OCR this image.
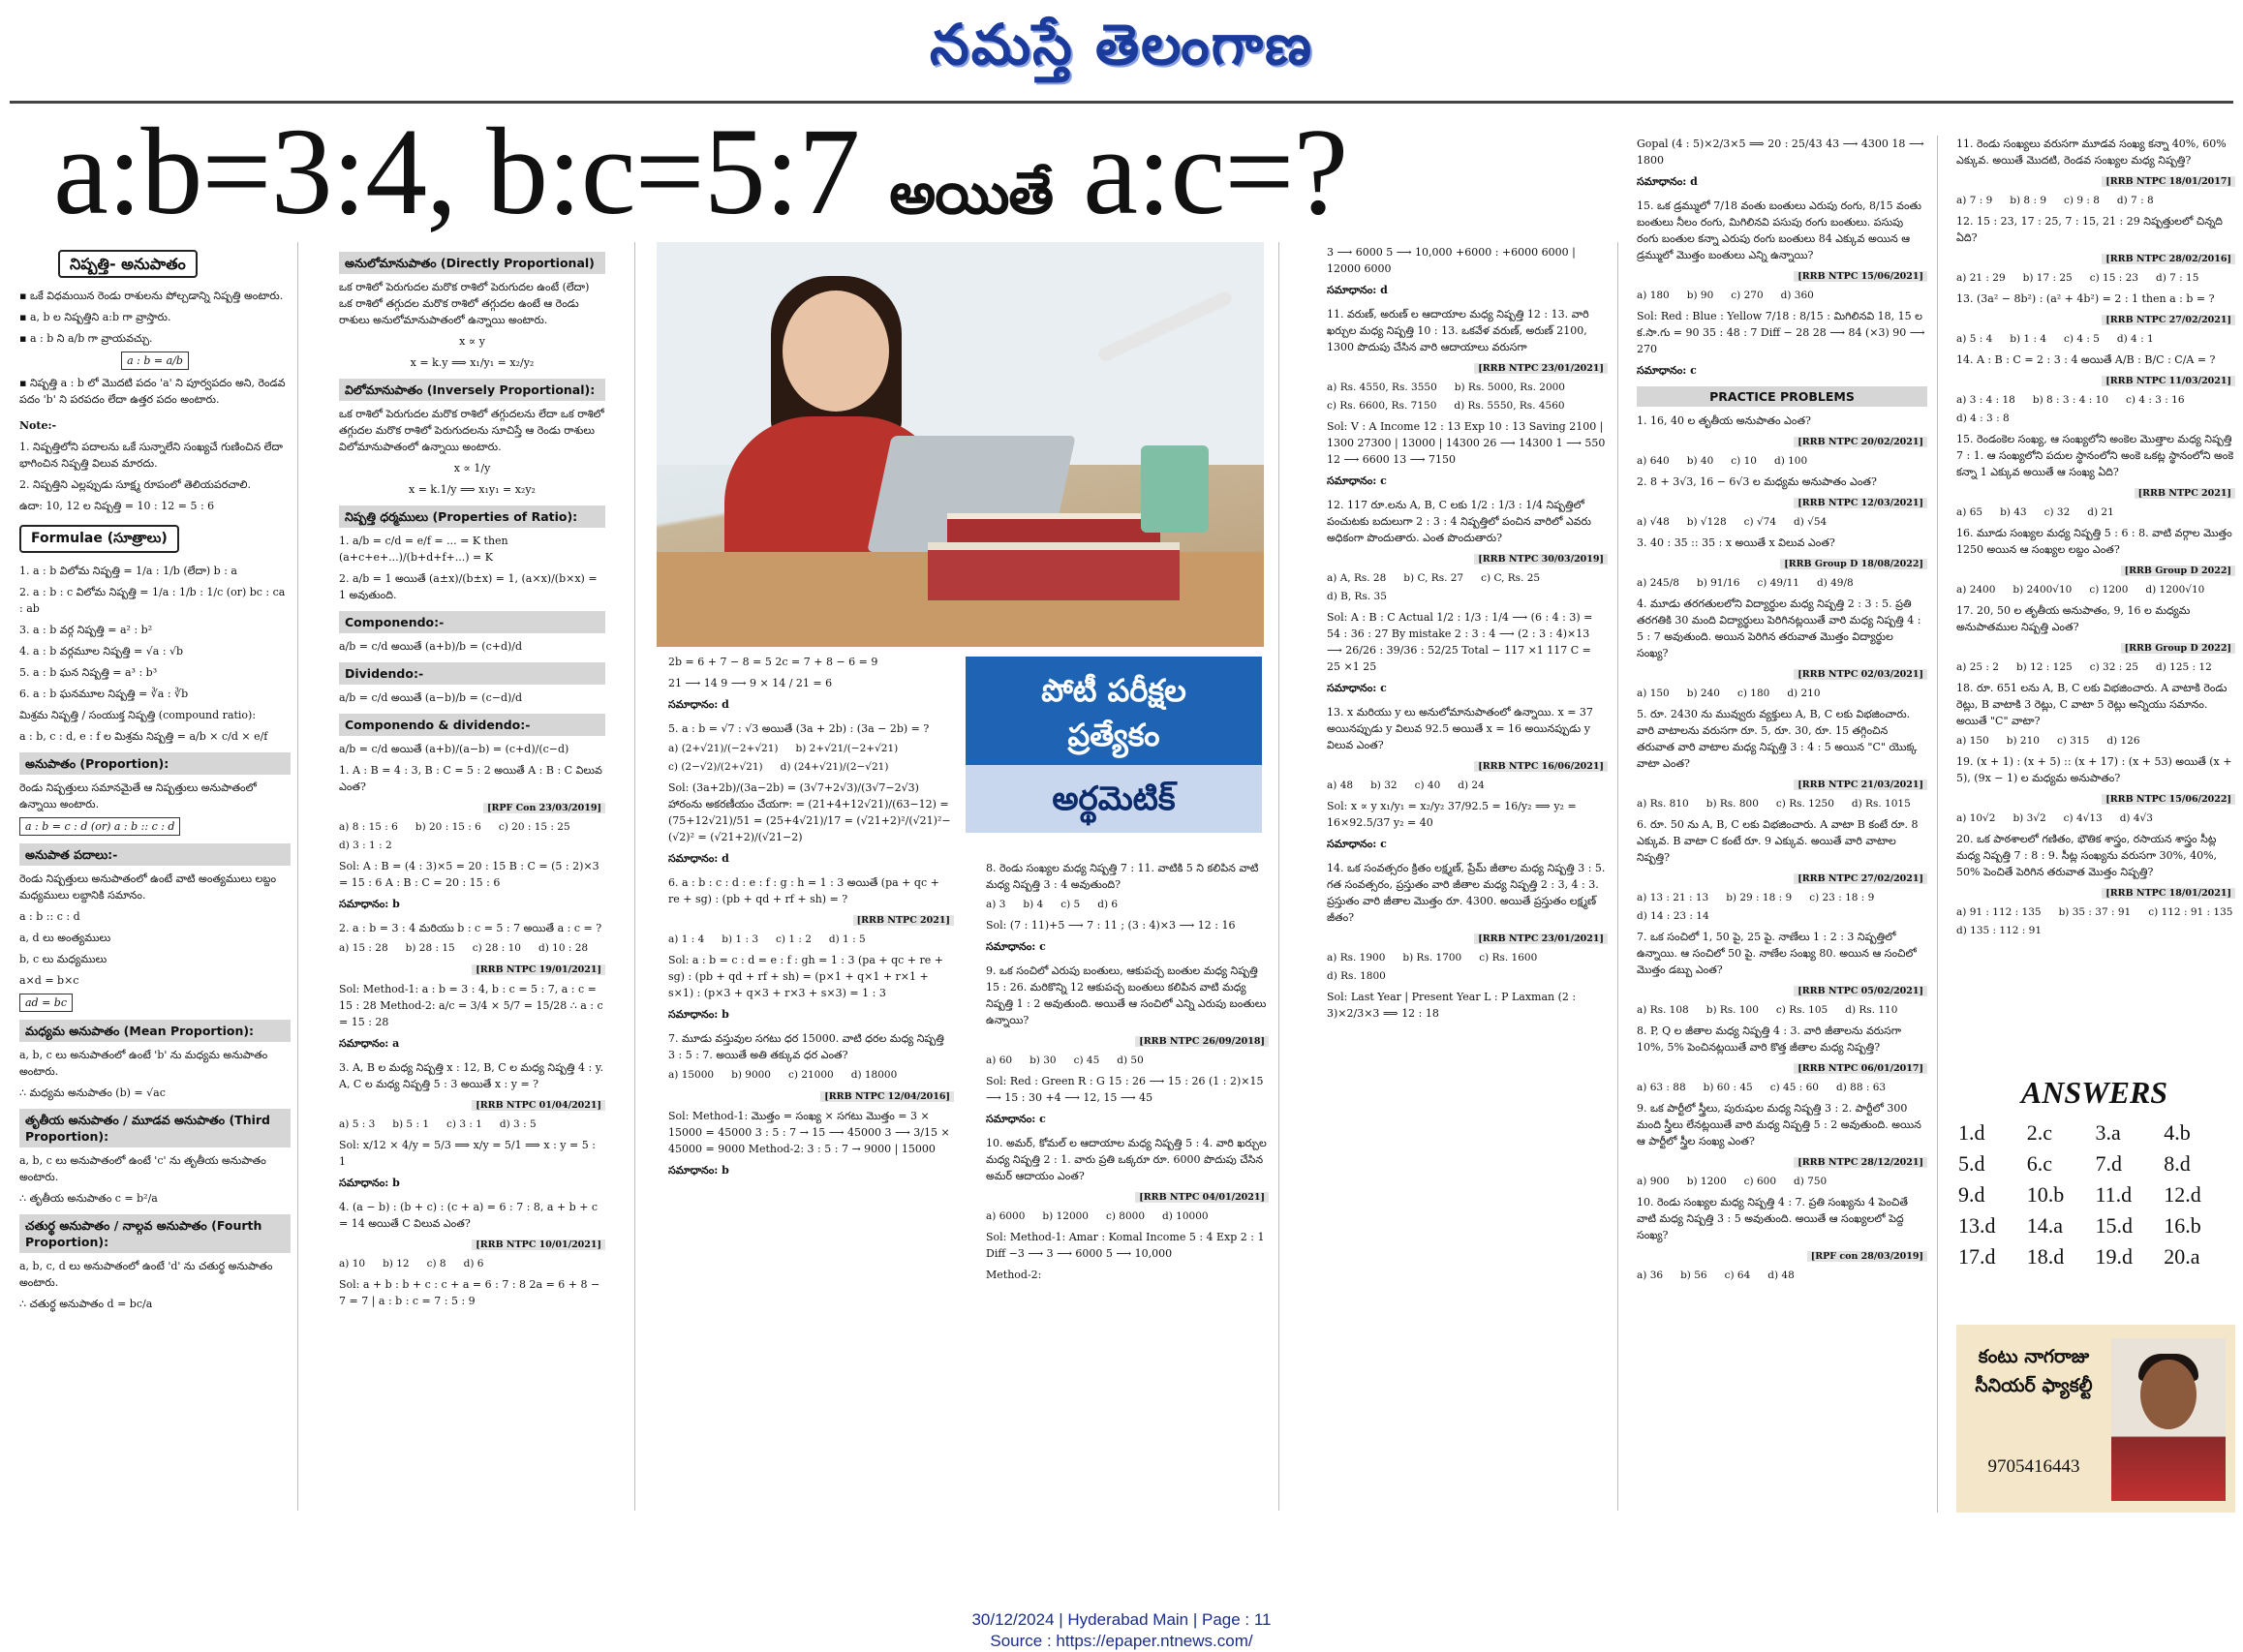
నమస్తే తెలంగాణ
a:b=3:4, b:c=5:7 అయితే a:c=?
నిష్పత్తి- అనుపాతం

▪ ఒకే విధమయిన రెండు రాశులను పోల్చడాన్ని నిష్పత్తి అంటారు.

▪ a, b ల నిష్పత్తిని a:b గా వ్రాస్తారు.

▪ a : b ని a/b గా వ్రాయవచ్చు.

a : b = a/b

▪ నిష్పత్తి a : b లో మొదటి పదం 'a' ని పూర్వపదం అని, రెండవ పదం 'b' ని పరపదం లేదా ఉత్తర పదం అంటారు.

Note:-

1. నిష్పత్తిలోని పదాలను ఒకే సున్నాలేని సంఖ్యచే గుణించిన లేదా భాగించిన నిష్పత్తి విలువ మారదు.

2. నిష్పత్తిని ఎల్లప్పుడు సూక్ష్మ రూపంలో తెలియపరచాలి.

ఉదా: 10, 12 ల నిష్పత్తి = 10 : 12 = 5 : 6

Formulae (సూత్రాలు)

1. a : b విలోమ నిష్పత్తి = 1/a : 1/b (లేదా) b : a

2. a : b : c విలోమ నిష్పత్తి = 1/a : 1/b : 1/c (or) bc : ca : ab

3. a : b వర్గ నిష్పత్తి = a² : b²

4. a : b వర్గమూల నిష్పత్తి = √a : √b

5. a : b ఘన నిష్పత్తి = a³ : b³

6. a : b ఘనమూల నిష్పత్తి = ∛a : ∛b

మిశ్రమ నిష్పత్తి / సంయుక్త నిష్పత్తి (compound ratio):

a : b, c : d, e : f ల మిశ్రమ నిష్పత్తి = a/b × c/d × e/f

అనుపాతం (Proportion):

రెండు నిష్పత్తులు సమానమైతే ఆ నిష్పత్తులు అనుపాతంలో ఉన్నాయి అంటారు.

a : b = c : d (or) a : b :: c : d

అనుపాత పదాలు:-

రెండు నిష్పత్తులు అనుపాతంలో ఉంటే వాటి అంత్యములు లబ్దం మధ్యములు లబ్దానికి సమానం.

a : b :: c : d

a, d లు అంత్యములు

b, c లు మధ్యములు

a×d = b×c

ad = bc

మధ్యమ అనుపాతం (Mean Proportion):

a, b, c లు అనుపాతంలో ఉంటే 'b' ను మధ్యమ అనుపాతం అంటారు.

∴ మధ్యమ అనుపాతం (b) = √ac

తృతీయ అనుపాతం / మూడవ అనుపాతం (Third Proportion):

a, b, c లు అనుపాతంలో ఉంటే 'c' ను తృతీయ అనుపాతం అంటారు.

∴ తృతీయ అనుపాతం c = b²/a

చతుర్థ అనుపాతం / నాల్గవ అనుపాతం (Fourth Proportion):

a, b, c, d లు అనుపాతంలో ఉంటే 'd' ను చతుర్థ అనుపాతం అంటారు.

∴ చతుర్థ అనుపాతం d = bc/a

అనులోమానుపాతం (Directly Proportional)

ఒక రాశిలో పెరుగుదల మరొక రాశిలో పెరుగుదల ఉంటే (లేదా) ఒక రాశిలో తగ్గుదల మరొక రాశిలో తగ్గుదల ఉంటే ఆ రెండు రాశులు అనులోమానుపాతంలో ఉన్నాయి అంటారు.

x ∝ y

x = k.y ⟹ x₁/y₁ = x₂/y₂

విలోమానుపాతం (Inversely Proportional):

ఒక రాశిలో పెరుగుదల మరొక రాశిలో తగ్గుదలను లేదా ఒక రాశిలో తగ్గుదల మరొక రాశిలో పెరుగుదలను సూచిస్తే ఆ రెండు రాశులు విలోమానుపాతంలో ఉన్నాయి అంటారు.

x ∝ 1/y

x = k.1/y ⟹ x₁y₁ = x₂y₂

నిష్పత్తి ధర్మములు (Properties of Ratio):

1. a/b = c/d = e/f = ... = K then (a+c+e+...)/(b+d+f+...) = K

2. a/b = 1 అయితే (a±x)/(b±x) = 1, (a×x)/(b×x) = 1 అవుతుంది.

Componendo:-

a/b = c/d అయితే (a+b)/b = (c+d)/d

Dividendo:-

a/b = c/d అయితే (a−b)/b = (c−d)/d

Componendo & dividendo:-

a/b = c/d అయితే (a+b)/(a−b) = (c+d)/(c−d)

1. A : B = 4 : 3, B : C = 5 : 2 అయితే A : B : C విలువ ఎంత?

[RPF Con 23/03/2019]
a) 8 : 15 : 6 b) 20 : 15 : 6 c) 20 : 15 : 25
d) 3 : 1 : 2

Sol: A : B = (4 : 3)×5 = 20 : 15 B : C = (5 : 2)×3 = 15 : 6 A : B : C = 20 : 15 : 6

సమాధానం: b

2. a : b = 3 : 4 మరియు b : c = 5 : 7 అయితే a : c = ?

a) 15 : 28 b) 28 : 15 c) 28 : 10 d) 10 : 28
[RRB NTPC 19/01/2021]

Sol: Method-1: a : b = 3 : 4, b : c = 5 : 7, a : c = 15 : 28 Method-2: a/c = 3/4 × 5/7 = 15/28 ∴ a : c = 15 : 28

సమాధానం: a

3. A, B ల మధ్య నిష్పత్తి x : 12, B, C ల మధ్య నిష్పత్తి 4 : y. A, C ల మధ్య నిష్పత్తి 5 : 3 అయితే x : y = ?

[RRB NTPC 01/04/2021]
a) 5 : 3 b) 5 : 1 c) 3 : 1 d) 3 : 5

Sol: x/12 × 4/y = 5/3 ⟹ x/y = 5/1 ⟹ x : y = 5 : 1

సమాధానం: b

4. (a − b) : (b + c) : (c + a) = 6 : 7 : 8, a + b + c = 14 అయితే C విలువ ఎంత?

[RRB NTPC 10/01/2021]
a) 10 b) 12 c) 8 d) 6

Sol: a + b : b + c : c + a = 6 : 7 : 8 2a = 6 + 8 − 7 = 7 | a : b : c = 7 : 5 : 9

2b = 6 + 7 − 8 = 5 2c = 7 + 8 − 6 = 9

21 ⟶ 14 9 ⟶ 9 × 14 / 21 = 6

సమాధానం: d

5. a : b = √7 : √3 అయితే (3a + 2b) : (3a − 2b) = ?

a) (2+√21)/(−2+√21) b) 2+√21/(−2+√21)
c) (2−√2)/(2+√21) d) (24+√21)/(2−√21)

Sol: (3a+2b)/(3a−2b) = (3√7+2√3)/(3√7−2√3) హారంను అకరణీయం చేయగా: = (21+4+12√21)/(63−12) = (75+12√21)/51 = (25+4√21)/17 = (√21+2)²/(√21)²−(√2)² = (√21+2)/(√21−2)

సమాధానం: d

6. a : b : c : d : e : f : g : h = 1 : 3 అయితే (pa + qc + re + sg) : (pb + qd + rf + sh) = ?

[RRB NTPC 2021]
a) 1 : 4 b) 1 : 3 c) 1 : 2 d) 1 : 5

Sol: a : b = c : d = e : f : gh = 1 : 3 (pa + qc + re + sg) : (pb + qd + rf + sh) = (p×1 + q×1 + r×1 + s×1) : (p×3 + q×3 + r×3 + s×3) = 1 : 3

సమాధానం: b

7. మూడు వస్తువుల సగటు ధర 15000. వాటి ధరల మధ్య నిష్పత్తి 3 : 5 : 7. అయితే అతి తక్కువ ధర ఎంత?

a) 15000 b) 9000 c) 21000 d) 18000
[RRB NTPC 12/04/2016]

Sol: Method-1: మొత్తం = సంఖ్య × సగటు మొత్తం = 3 × 15000 = 45000 3 : 5 : 7 → 15 ⟶ 45000 3 ⟶ 3/15 × 45000 = 9000 Method-2: 3 : 5 : 7 → 9000 | 15000

సమాధానం: b

పోటీ పరీక్షల
ప్రత్యేకం
అర్థమెటిక్

8. రెండు సంఖ్యల మధ్య నిష్పత్తి 7 : 11. వాటికి 5 ని కలిపిన వాటి మధ్య నిష్పత్తి 3 : 4 అవుతుంది?

a) 3 b) 4 c) 5 d) 6

Sol: (7 : 11)+5 ⟶ 7 : 11 ; (3 : 4)×3 ⟶ 12 : 16

సమాధానం: c

9. ఒక సంచిలో ఎరుపు బంతులు, ఆకుపచ్చ బంతుల మధ్య నిష్పత్తి 15 : 26. మరికొన్ని 12 ఆకుపచ్చ బంతులు కలిపిన వాటి మధ్య నిష్పత్తి 1 : 2 అవుతుంది. అయితే ఆ సంచిలో ఎన్ని ఎరుపు బంతులు ఉన్నాయి?

[RRB NTPC 26/09/2018]
a) 60 b) 30 c) 45 d) 50

Sol: Red : Green R : G 15 : 26 ⟶ 15 : 26 (1 : 2)×15 ⟶ 15 : 30 +4 ⟶ 12, 15 ⟶ 45

సమాధానం: c

10. అమర్, కోమల్ ల ఆదాయాల మధ్య నిష్పత్తి 5 : 4. వారి ఖర్చుల మధ్య నిష్పత్తి 2 : 1. వారు ప్రతి ఒక్కరూ రూ. 6000 పొదుపు చేసిన అమర్ ఆదాయం ఎంత?

[RRB NTPC 04/01/2021]
a) 6000 b) 12000 c) 8000 d) 10000

Sol: Method-1: Amar : Komal Income 5 : 4 Exp 2 : 1 Diff −3 ⟶ 3 ⟶ 6000 5 ⟶ 10,000

Method-2:

3 ⟶ 6000 5 ⟶ 10,000 +6000 : +6000 6000 | 12000 6000

సమాధానం: d

11. వరుణ్, అరుణ్ ల ఆదాయాల మధ్య నిష్పత్తి 12 : 13. వారి ఖర్చుల మధ్య నిష్పత్తి 10 : 13. ఒకవేళ వరుణ్, అరుణ్ 2100, 1300 పొదుపు చేసిన వారి ఆదాయాలు వరుసగా

[RRB NTPC 23/01/2021]
a) Rs. 4550, Rs. 3550 b) Rs. 5000, Rs. 2000
c) Rs. 6600, Rs. 7150 d) Rs. 5550, Rs. 4560

Sol: V : A Income 12 : 13 Exp 10 : 13 Saving 2100 | 1300 27300 | 13000 | 14300 26 ⟶ 14300 1 ⟶ 550 12 ⟶ 6600 13 ⟶ 7150

సమాధానం: c

12. 117 రూ.లను A, B, C లకు 1/2 : 1/3 : 1/4 నిష్పత్తిలో పంచుటకు బదులుగా 2 : 3 : 4 నిష్పత్తిలో పంచిన వారిలో ఎవరు అధికంగా పొందుతారు. ఎంత పొందుతారు?

[RRB NTPC 30/03/2019]
a) A, Rs. 28 b) C, Rs. 27 c) C, Rs. 25
d) B, Rs. 35

Sol: A : B : C Actual 1/2 : 1/3 : 1/4 ⟶ (6 : 4 : 3) = 54 : 36 : 27 By mistake 2 : 3 : 4 ⟶ (2 : 3 : 4)×13 ⟶ 26/26 : 39/36 : 52/25 Total − 117 ×1 117 C = 25 ×1 25

సమాధానం: c

13. x మరియు y లు అనులోమానుపాతంలో ఉన్నాయి. x = 37 అయినప్పుడు y విలువ 92.5 అయితే x = 16 అయినప్పుడు y విలువ ఎంత?

[RRB NTPC 16/06/2021]
a) 48 b) 32 c) 40 d) 24

Sol: x ∝ y x₁/y₁ = x₂/y₂ 37/92.5 = 16/y₂ ⟹ y₂ = 16×92.5/37 y₂ = 40

సమాధానం: c

14. ఒక సంవత్సరం క్రితం లక్ష్మణ్, ప్రేమ్ జీతాల మధ్య నిష్పత్తి 3 : 5. గత సంవత్సరం, ప్రస్తుతం వారి జీతాల మధ్య నిష్పత్తి 2 : 3, 4 : 3. ప్రస్తుతం వారి జీతాల మొత్తం రూ. 4300. అయితే ప్రస్తుతం లక్ష్మణ్ జీతం?

[RRB NTPC 23/01/2021]
a) Rs. 1900 b) Rs. 1700 c) Rs. 1600
d) Rs. 1800

Sol: Last Year | Present Year L : P Laxman (2 : 3)×2/3×3 ⟹ 12 : 18

Gopal (4 : 5)×2/3×5 ⟹ 20 : 25/43 43 ⟶ 4300 18 ⟶ 1800

సమాధానం: d

15. ఒక డ్రమ్ములో 7/18 వంతు బంతులు ఎరుపు రంగు, 8/15 వంతు బంతులు నీలం రంగు, మిగిలినవి పసుపు రంగు బంతులు. పసుపు రంగు బంతుల కన్నా ఎరుపు రంగు బంతులు 84 ఎక్కువ అయిన ఆ డ్రమ్ములో మొత్తం బంతులు ఎన్ని ఉన్నాయి?

[RRB NTPC 15/06/2021]
a) 180 b) 90 c) 270 d) 360

Sol: Red : Blue : Yellow 7/18 : 8/15 : మిగిలినవి 18, 15 ల క.సా.గు = 90 35 : 48 : 7 Diff − 28 28 ⟶ 84 (×3) 90 ⟶ 270

సమాధానం: c

PRACTICE PROBLEMS

1. 16, 40 ల తృతీయ అనుపాతం ఎంత?

[RRB NTPC 20/02/2021]
a) 640 b) 40 c) 10 d) 100

2. 8 + 3√3, 16 − 6√3 ల మధ్యమ అనుపాతం ఎంత?

[RRB NTPC 12/03/2021]
a) √48 b) √128 c) √74 d) √54

3. 40 : 35 :: 35 : x అయితే x విలువ ఎంత?

[RRB Group D 18/08/2022]
a) 245/8 b) 91/16 c) 49/11 d) 49/8

4. మూడు తరగతులలోని విద్యార్థుల మధ్య నిష్పత్తి 2 : 3 : 5. ప్రతి తరగతికి 30 మంది విద్యార్థులు పెరిగినట్లయితే వారి మధ్య నిష్పత్తి 4 : 5 : 7 అవుతుంది. అయిన పెరిగిన తరువాత మొత్తం విద్యార్థుల సంఖ్య?

[RRB NTPC 02/03/2021]
a) 150 b) 240 c) 180 d) 210

5. రూ. 2430 ను మువ్వురు వ్యక్తులు A, B, C లకు విభజించారు. వారి వాటాలను వరుసగా రూ. 5, రూ. 30, రూ. 15 తగ్గించిన తరువాత వారి వాటాల మధ్య నిష్పత్తి 3 : 4 : 5 అయిన "C" యొక్క వాటా ఎంత?

[RRB NTPC 21/03/2021]
a) Rs. 810 b) Rs. 800 c) Rs. 1250 d) Rs. 1015

6. రూ. 50 ను A, B, C లకు విభజించారు. A వాటా B కంటే రూ. 8 ఎక్కువ. B వాటా C కంటే రూ. 9 ఎక్కువ. అయితే వారి వాటాల నిష్పత్తి?

[RRB NTPC 27/02/2021]
a) 13 : 21 : 13 b) 29 : 18 : 9 c) 23 : 18 : 9
d) 14 : 23 : 14

7. ఒక సంచిలో 1, 50 పై, 25 పై. నాణేలు 1 : 2 : 3 నిష్పత్తిలో ఉన్నాయి. ఆ సంచిలో 50 పై. నాణేల సంఖ్య 80. అయిన ఆ సంచిలో మొత్తం డబ్బు ఎంత?

[RRB NTPC 05/02/2021]
a) Rs. 108 b) Rs. 100 c) Rs. 105 d) Rs. 110

8. P, Q ల జీతాల మధ్య నిష్పత్తి 4 : 3. వారి జీతాలను వరుసగా 10%, 5% పెంచినట్లయితే వారి కొత్త జీతాల మధ్య నిష్పత్తి?

[RRB NTPC 06/01/2017]
a) 63 : 88 b) 60 : 45 c) 45 : 60 d) 88 : 63

9. ఒక పార్టీలో స్త్రీలు, పురుషుల మధ్య నిష్పత్తి 3 : 2. పార్టీలో 300 మంది స్త్రీలు లేనట్లయితే వారి మధ్య నిష్పత్తి 5 : 2 అవుతుంది. అయిన ఆ పార్టీలో స్త్రీల సంఖ్య ఎంత?

[RRB NTPC 28/12/2021]
a) 900 b) 1200 c) 600 d) 750

10. రెండు సంఖ్యల మధ్య నిష్పత్తి 4 : 7. ప్రతి సంఖ్యను 4 పెంచితే వాటి మధ్య నిష్పత్తి 3 : 5 అవుతుంది. అయితే ఆ సంఖ్యలలో పెద్ద సంఖ్య?

[RPF con 28/03/2019]
a) 36 b) 56 c) 64 d) 48

11. రెండు సంఖ్యలు వరుసగా మూడవ సంఖ్య కన్నా 40%, 60% ఎక్కువ. అయితే మొదటి, రెండవ సంఖ్యల మధ్య నిష్పత్తి?

[RRB NTPC 18/01/2017]
a) 7 : 9 b) 8 : 9 c) 9 : 8 d) 7 : 8

12. 15 : 23, 17 : 25, 7 : 15, 21 : 29 నిష్పత్తులలో చిన్నది ఏది?

[RRB NTPC 28/02/2016]
a) 21 : 29 b) 17 : 25 c) 15 : 23 d) 7 : 15

13. (3a² − 8b²) : (a² + 4b²) = 2 : 1 then a : b = ?

[RRB NTPC 27/02/2021]
a) 5 : 4 b) 1 : 4 c) 4 : 5 d) 4 : 1

14. A : B : C = 2 : 3 : 4 అయితే A/B : B/C : C/A = ?

[RRB NTPC 11/03/2021]
a) 3 : 4 : 18 b) 8 : 3 : 4 : 10 c) 4 : 3 : 16
d) 4 : 3 : 8

15. రెండంకెల సంఖ్య, ఆ సంఖ్యలోని అంకెల మొత్తాల మధ్య నిష్పత్తి 7 : 1. ఆ సంఖ్యలోని పదుల స్థానంలోని అంకె ఒకట్ల స్థానంలోని అంకె కన్నా 1 ఎక్కువ అయితే ఆ సంఖ్య ఏది?

[RRB NTPC 2021]
a) 65 b) 43 c) 32 d) 21

16. మూడు సంఖ్యల మధ్య నిష్పత్తి 5 : 6 : 8. వాటి వర్గాల మొత్తం 1250 అయిన ఆ సంఖ్యల లబ్దం ఎంత?

[RRB Group D 2022]
a) 2400 b) 2400√10 c) 1200 d) 1200√10

17. 20, 50 ల తృతీయ అనుపాతం, 9, 16 ల మధ్యమ అనుపాతముల నిష్పత్తి ఎంత?

[RRB Group D 2022]
a) 25 : 2 b) 12 : 125 c) 32 : 25 d) 125 : 12

18. రూ. 651 లను A, B, C లకు విభజించారు. A వాటాకి రెండు రెట్లు, B వాటాకి 3 రెట్లు, C వాటా 5 రెట్లు అన్నియు సమానం. అయితే "C" వాటా?

a) 150 b) 210 c) 315 d) 126

19. (x + 1) : (x + 5) :: (x + 17) : (x + 53) అయితే (x + 5), (9x − 1) ల మధ్యమ అనుపాతం?

[RRB NTPC 15/06/2022]
a) 10√2 b) 3√2 c) 4√13 d) 4√3

20. ఒక పాఠశాలలో గణితం, భౌతిక శాస్త్రం, రసాయన శాస్త్రం సీట్ల మధ్య నిష్పత్తి 7 : 8 : 9. సీట్ల సంఖ్యను వరుసగా 30%, 40%, 50% పెంచితే పెరిగిన తరువాత మొత్తం నిష్పత్తి?

[RRB NTPC 18/01/2021]
a) 91 : 112 : 135 b) 35 : 37 : 91 c) 112 : 91 : 135
d) 135 : 112 : 91
ANSWERS
1.d	2.c	3.a	4.b
5.d	6.c	7.d	8.d
9.d	10.b	11.d	12.d
13.d	14.a	15.d	16.b
17.d	18.d	19.d	20.a
కంటు నాగరాజు
సీనియర్ ఫ్యాకల్టీ
9705416443
30/12/2024 | Hyderabad Main | Page : 11
Source : https://epaper.ntnews.com/
